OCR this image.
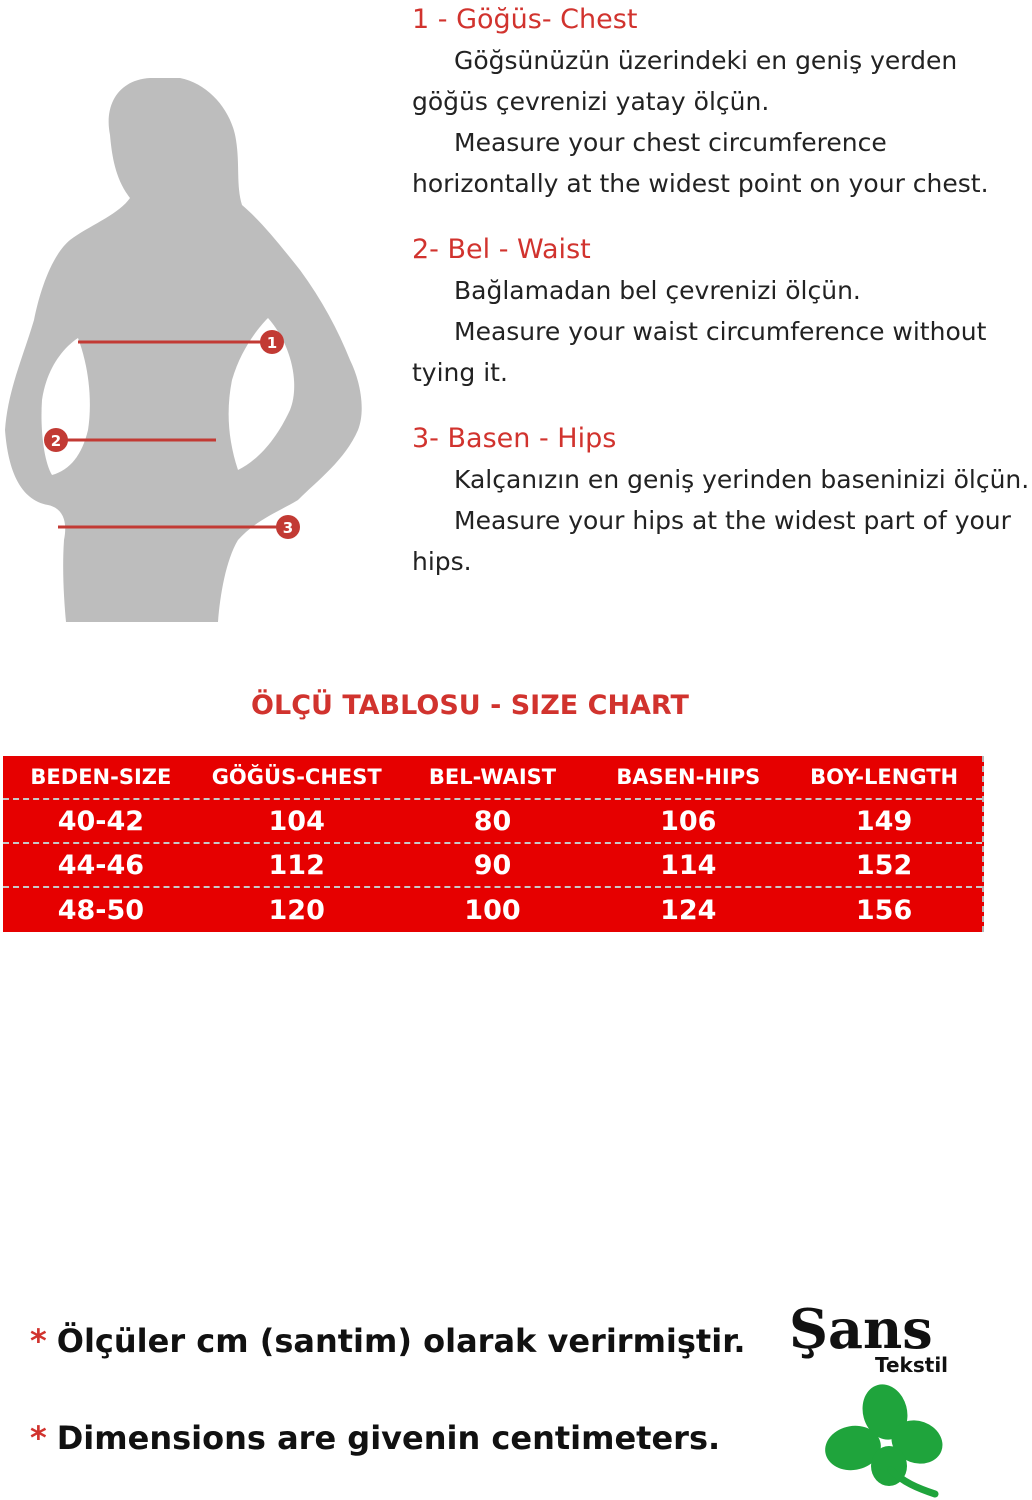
1
2
3
1 - Göğüs- Chest
Göğsünüzün üzerindeki en geniş yerden göğüs çevrenizi yatay ölçün.
Measure your chest circumference horizontally at the widest point on your chest.
2- Bel - Waist
Bağlamadan bel çevrenizi ölçün.
Measure your waist circumference without tying it.
3- Basen - Hips
Kalçanızın en geniş yerinden baseninizi ölçün.
Measure your hips at the widest part of your hips.
ÖLÇÜ TABLOSU - SIZE CHART
BEDEN-SIZE	GÖĞÜS-CHEST	BEL-WAIST	BASEN-HIPS	BOY-LENGTH
40-42	104	80	106	149
44-46	112	90	114	152
48-50	120	100	124	156
* Ölçüler cm (santim) olarak verirmiştir.
* Dimensions are givenin centimeters.
Şans
Tekstil
